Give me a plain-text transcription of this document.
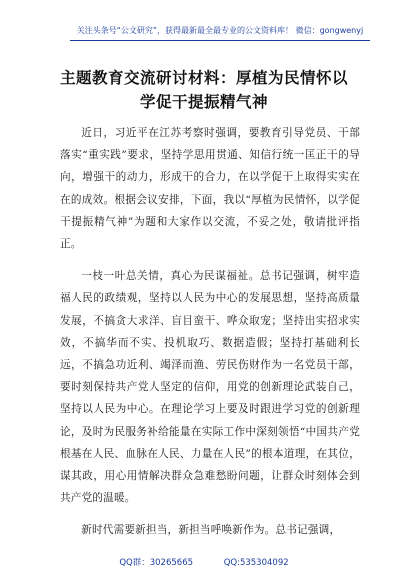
关注头条号“公文研究”，获得最新最全最专业的公文资料库！ 微信：gongwenyj
主题教育交流研讨材料：厚植为民情怀以
学促干提振精气神

近日，习近平在江苏考察时强调，要教育引导党员、干部落实“重实践”要求，坚持学思用贯通、知信行统一匡正干的导向，增强干的动力，形成干的合力，在以学促干上取得实实在在的成效。根据会议安排，下面，我以“厚植为民情怀，以学促干提振精气神”为题和大家作以交流，不妥之处，敬请批评指正。

一枝一叶总关情，真心为民谋福祉。总书记强调，树牢造福人民的政绩观，坚持以人民为中心的发展思想，坚持高质量发展，不搞贪大求洋、盲目蛮干、哗众取宠；坚持出实招求实效，不搞华而不实、投机取巧、数据造假；坚持打基础利长远，不搞急功近利、竭泽而渔、劳民伤财作为一名党员干部，要时刻保持共产党人坚定的信仰，用党的创新理论武装自己，坚持以人民为中心。在理论学习上要及时跟进学习党的创新理论，及时为民服务补给能量在实际工作中深刻领悟“中国共产党根基在人民、血脉在人民、力量在人民”的根本道理，在其位，谋其政，用心用情解决群众急难愁盼问题，让群众时刻体会到共产党的温暖。

新时代需要新担当，新担当呼唤新作为。总书记强调，

QQ群：30265665	QQ:535304092
